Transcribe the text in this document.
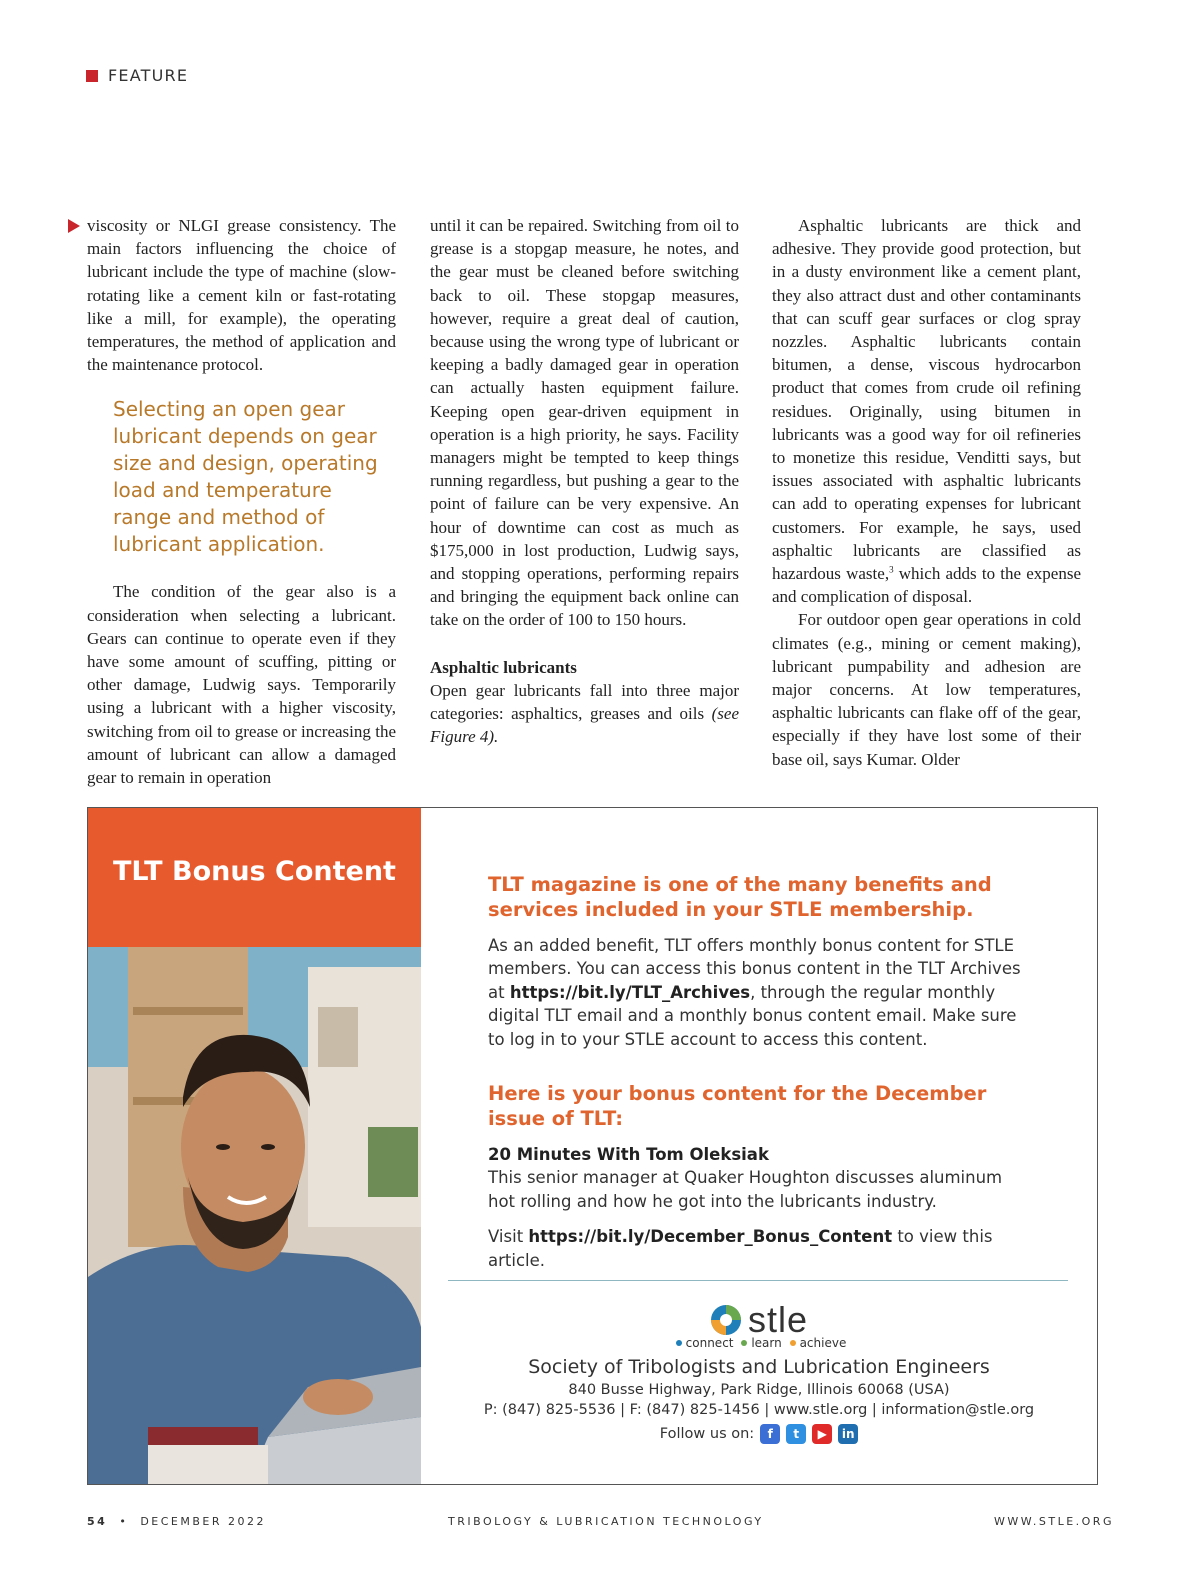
FEATURE

viscosity or NLGI grease consistency. The main factors influencing the choice of lubricant include the type of machine (slow-rotating like a cement kiln or fast-rotating like a mill, for example), the operating temperatures, the method of application and the maintenance protocol.

Selecting an open gear lubricant depends on gear size and design, operating load and temperature range and method of lubricant application.

The condition of the gear also is a consideration when selecting a lubricant. Gears can continue to operate even if they have some amount of scuffing, pitting or other damage, Ludwig says. Temporarily using a lubricant with a higher viscosity, switching from oil to grease or increasing the amount of lubricant can allow a damaged gear to remain in operation

until it can be repaired. Switching from oil to grease is a stopgap measure, he notes, and the gear must be cleaned before switching back to oil. These stopgap measures, however, require a great deal of caution, because using the wrong type of lubricant or keeping a badly damaged gear in operation can actually hasten equipment failure. Keeping open gear-driven equipment in operation is a high priority, he says. Facility managers might be tempted to keep things running regardless, but pushing a gear to the point of failure can be very expensive. An hour of downtime can cost as much as $175,000 in lost production, Ludwig says, and stopping operations, performing repairs and bringing the equipment back online can take on the order of 100 to 150 hours.

Asphaltic lubricants

Open gear lubricants fall into three major categories: asphaltics, greases and oils (see Figure 4).

Asphaltic lubricants are thick and adhesive. They provide good protection, but in a dusty environment like a cement plant, they also attract dust and other contaminants that can scuff gear surfaces or clog spray nozzles. Asphaltic lubricants contain bitumen, a dense, viscous hydrocarbon product that comes from crude oil refining residues. Originally, using bitumen in lubricants was a good way for oil refineries to monetize this residue, Venditti says, but issues associated with asphaltic lubricants can add to operating expenses for lubricant customers. For example, he says, used asphaltic lubricants are classified as hazardous waste,$^3$ which adds to the expense and complication of disposal.

For outdoor open gear operations in cold climates (e.g., mining or cement making), lubricant pumpability and adhesion are major concerns. At low temperatures, asphaltic lubricants can flake off of the gear, especially if they have lost some of their base oil, says Kumar. Older

TLT Bonus Content	TLT magazine is one of the many benefits and services included in your STLE membership.

As an added benefit, TLT offers monthly bonus content for STLE members. You can access this bonus content in the TLT Archives at https://bit.ly/TLT_Archives, through the regular monthly digital TLT email and a monthly bonus content email. Make sure to log in to your STLE account to access this content.

Here is your bonus content for the December issue of TLT:

20 Minutes With Tom Oleksiak

This senior manager at Quaker Houghton discusses aluminum hot rolling and how he got into the lubricants industry.

Visit https://bit.ly/December_Bonus_Content to view this article.

stle
connect learn achieve
Society of Tribologists and Lubrication Engineers
840 Busse Highway, Park Ridge, Illinois 60068 (USA)
P: (847) 825-5536 | F: (847) 825-1456 | www.stle.org | information@stle.org
Follow us on:	f	t	▶	in
54 • DECEMBER 2022	TRIBOLOGY & LUBRICATION TECHNOLOGY	WWW.STLE.ORG
